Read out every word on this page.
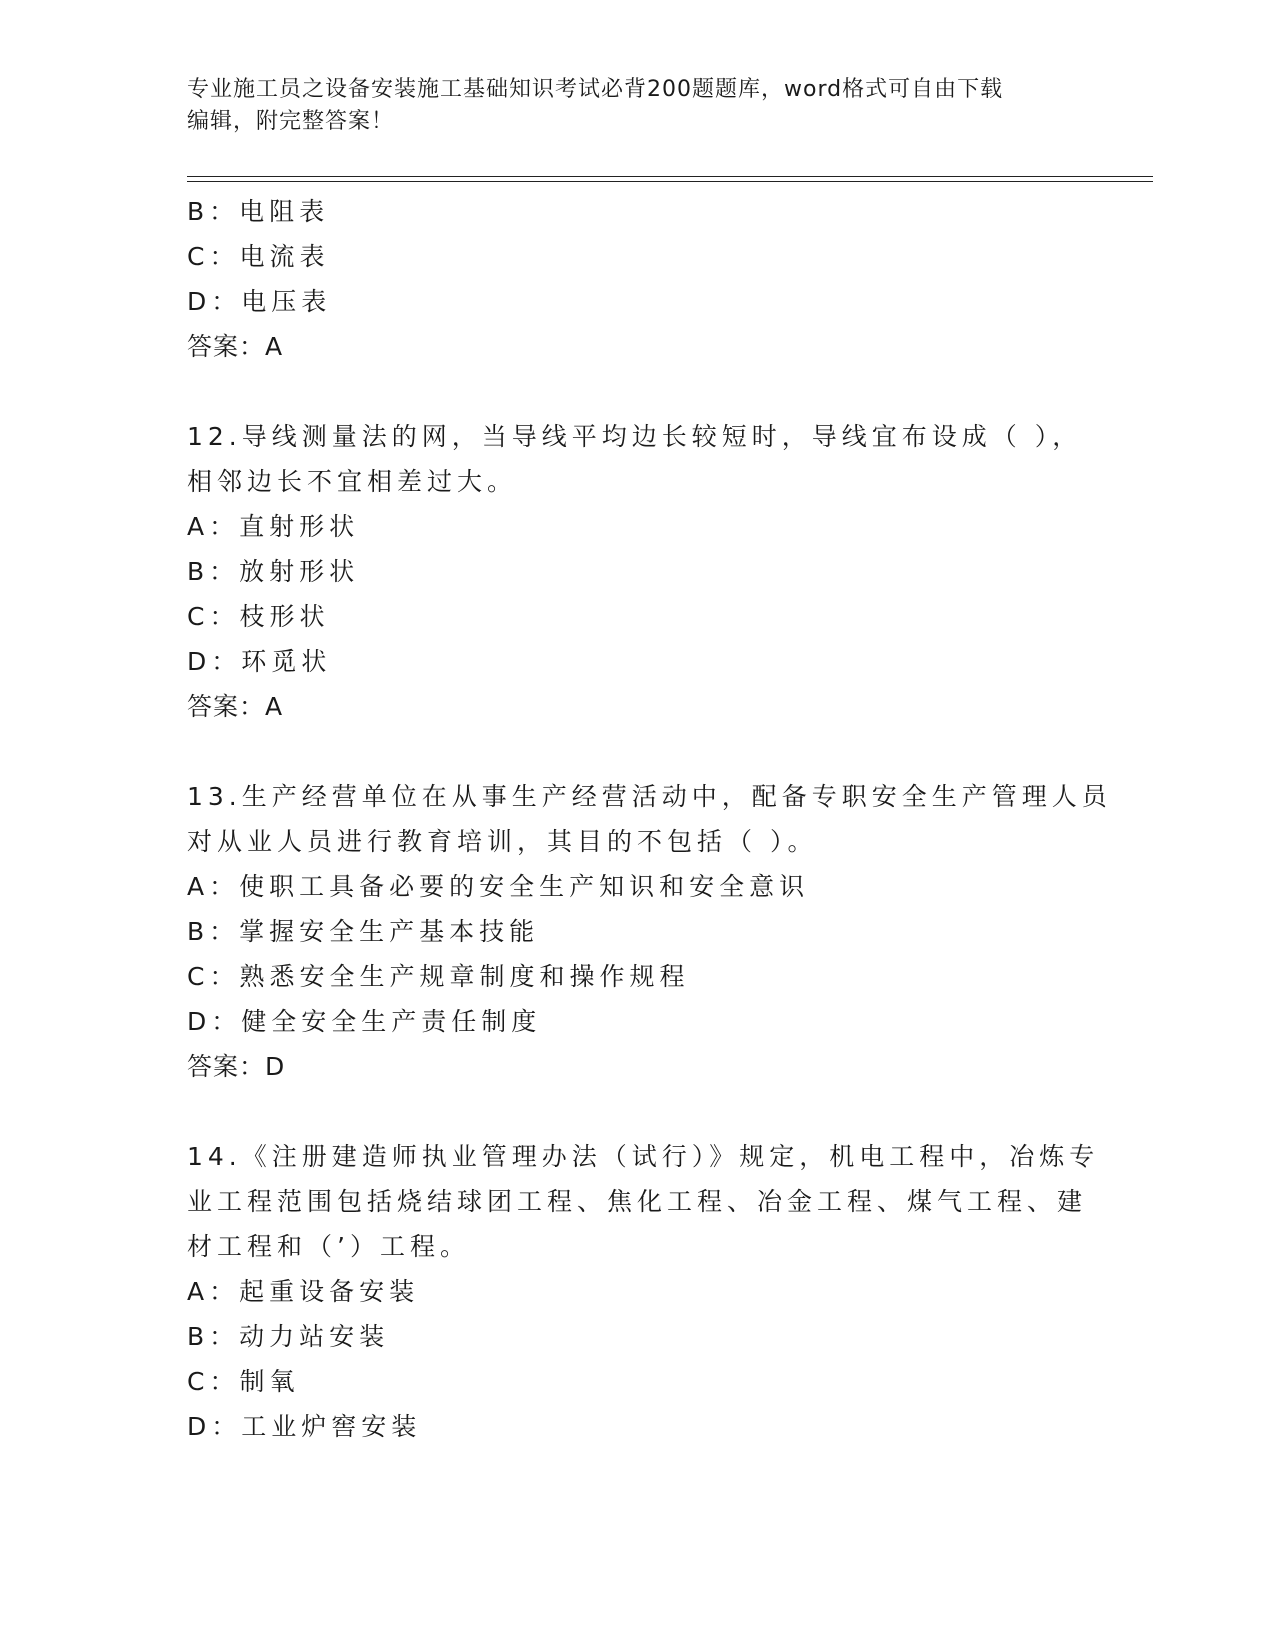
专业施工员之设备安装施工基础知识考试必背200题题库，word格式可自由下载
编辑，附完整答案！
B：电阻表
C：电流表
D：电压表
答案：A
12.导线测量法的网，当导线平均边长较短时，导线宜布设成（ ），
相邻边长不宜相差过大。
A：直射形状
B：放射形状
C：枝形状
D：环觅状
答案：A
13.生产经营单位在从事生产经营活动中，配备专职安全生产管理人员
对从业人员进行教育培训，其目的不包括（ ）。
A：使职工具备必要的安全生产知识和安全意识
B：掌握安全生产基本技能
C：熟悉安全生产规章制度和操作规程
D：健全安全生产责任制度
答案：D
14.《注册建造师执业管理办法（试行）》规定，机电工程中，冶炼专
业工程范围包括烧结球团工程、焦化工程、冶金工程、煤气工程、建
材工程和（’）工程。
A：起重设备安装
B：动力站安装
C：制氧
D：工业炉窖安装
